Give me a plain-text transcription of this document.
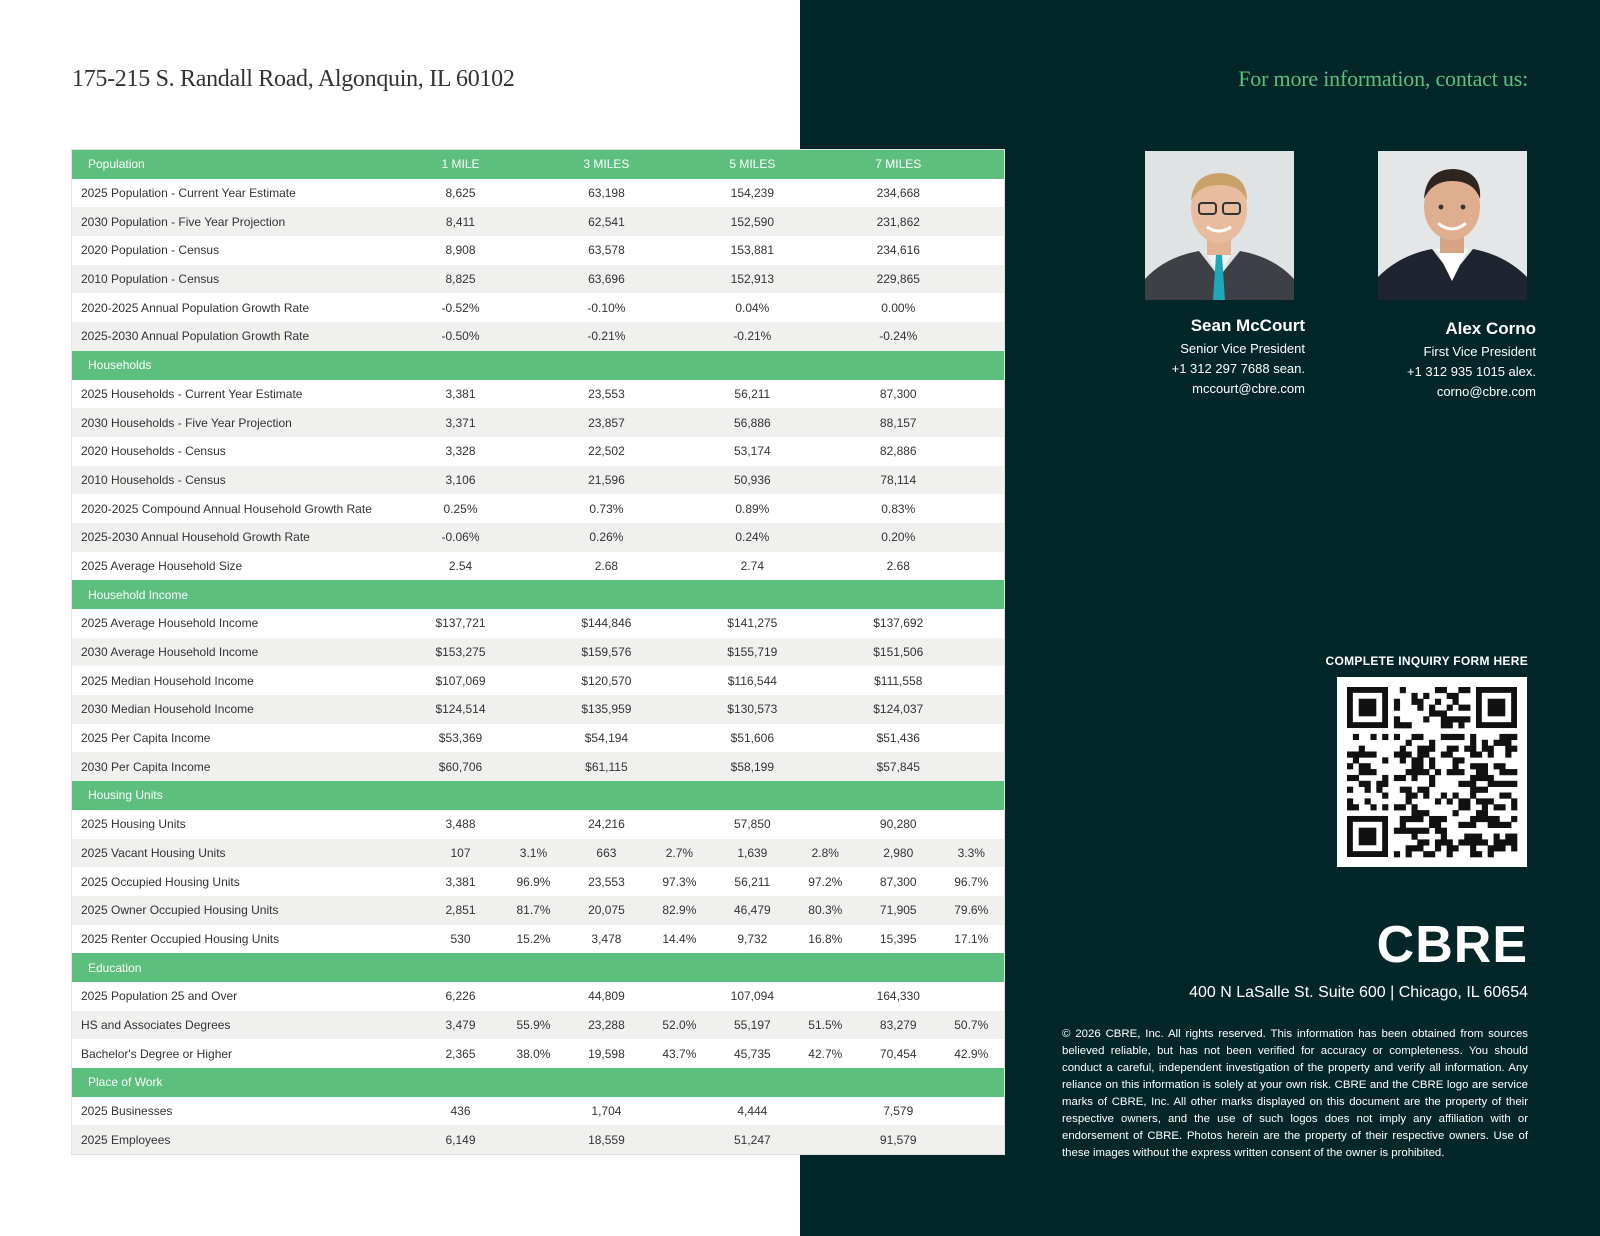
175-215 S. Randall Road, Algonquin, IL 60102	For more information, contact us:
Population	1 MILE		3 MILES		5 MILES		7 MILES	
2025 Population - Current Year Estimate	8,625		63,198		154,239		234,668	
2030 Population - Five Year Projection	8,411		62,541		152,590		231,862	
2020 Population - Census	8,908		63,578		153,881		234,616	
2010 Population - Census	8,825		63,696		152,913		229,865	
2020-2025 Annual Population Growth Rate	-0.52%		-0.10%		0.04%		0.00%	
2025-2030 Annual Population Growth Rate	-0.50%		-0.21%		-0.21%		-0.24%	
Households								
2025 Households - Current Year Estimate	3,381		23,553		56,211		87,300	
2030 Households - Five Year Projection	3,371		23,857		56,886		88,157	
2020 Households - Census	3,328		22,502		53,174		82,886	
2010 Households - Census	3,106		21,596		50,936		78,114	
2020-2025 Compound Annual Household Growth Rate	0.25%		0.73%		0.89%		0.83%	
2025-2030 Annual Household Growth Rate	-0.06%		0.26%		0.24%		0.20%	
2025 Average Household Size	2.54		2.68		2.74		2.68	
Household Income								
2025 Average Household Income	$137,721		$144,846		$141,275		$137,692	
2030 Average Household Income	$153,275		$159,576		$155,719		$151,506	
2025 Median Household Income	$107,069		$120,570		$116,544		$111,558	
2030 Median Household Income	$124,514		$135,959		$130,573		$124,037	
2025 Per Capita Income	$53,369		$54,194		$51,606		$51,436	
2030 Per Capita Income	$60,706		$61,115		$58,199		$57,845	
Housing Units								
2025 Housing Units	3,488		24,216		57,850		90,280	
2025 Vacant Housing Units	107	3.1%	663	2.7%	1,639	2.8%	2,980	3.3%
2025 Occupied Housing Units	3,381	96.9%	23,553	97.3%	56,211	97.2%	87,300	96.7%
2025 Owner Occupied Housing Units	2,851	81.7%	20,075	82.9%	46,479	80.3%	71,905	79.6%
2025 Renter Occupied Housing Units	530	15.2%	3,478	14.4%	9,732	16.8%	15,395	17.1%
Education								
2025 Population 25 and Over	6,226		44,809		107,094		164,330	
HS and Associates Degrees	3,479	55.9%	23,288	52.0%	55,197	51.5%	83,279	50.7%
Bachelor's Degree or Higher	2,365	38.0%	19,598	43.7%	45,735	42.7%	70,454	42.9%
Place of Work								
2025 Businesses	436		1,704		4,444		7,579	
2025 Employees	6,149		18,559		51,247		91,579	
Sean McCourt
Senior Vice President
+1 312 297 7688 sean.
mccourt@cbre.com
Alex Corno
First Vice President
+1 312 935 1015 alex.
corno@cbre.com
COMPLETE INQUIRY FORM HERE
CBRE
400 N LaSalle St. Suite 600 | Chicago, IL 60654
© 2026 CBRE, Inc. All rights reserved. This information has been obtained from sources believed reliable, but has not been verified for accuracy or completeness. You should conduct a careful, independent investigation of the property and verify all information. Any reliance on this information is solely at your own risk. CBRE and the CBRE logo are service marks of CBRE, Inc. All other marks displayed on this document are the property of their respective owners, and the use of such logos does not imply any affiliation with or endorsement of CBRE. Photos herein are the property of their respective owners. Use of these images without the express written consent of the owner is prohibited.
